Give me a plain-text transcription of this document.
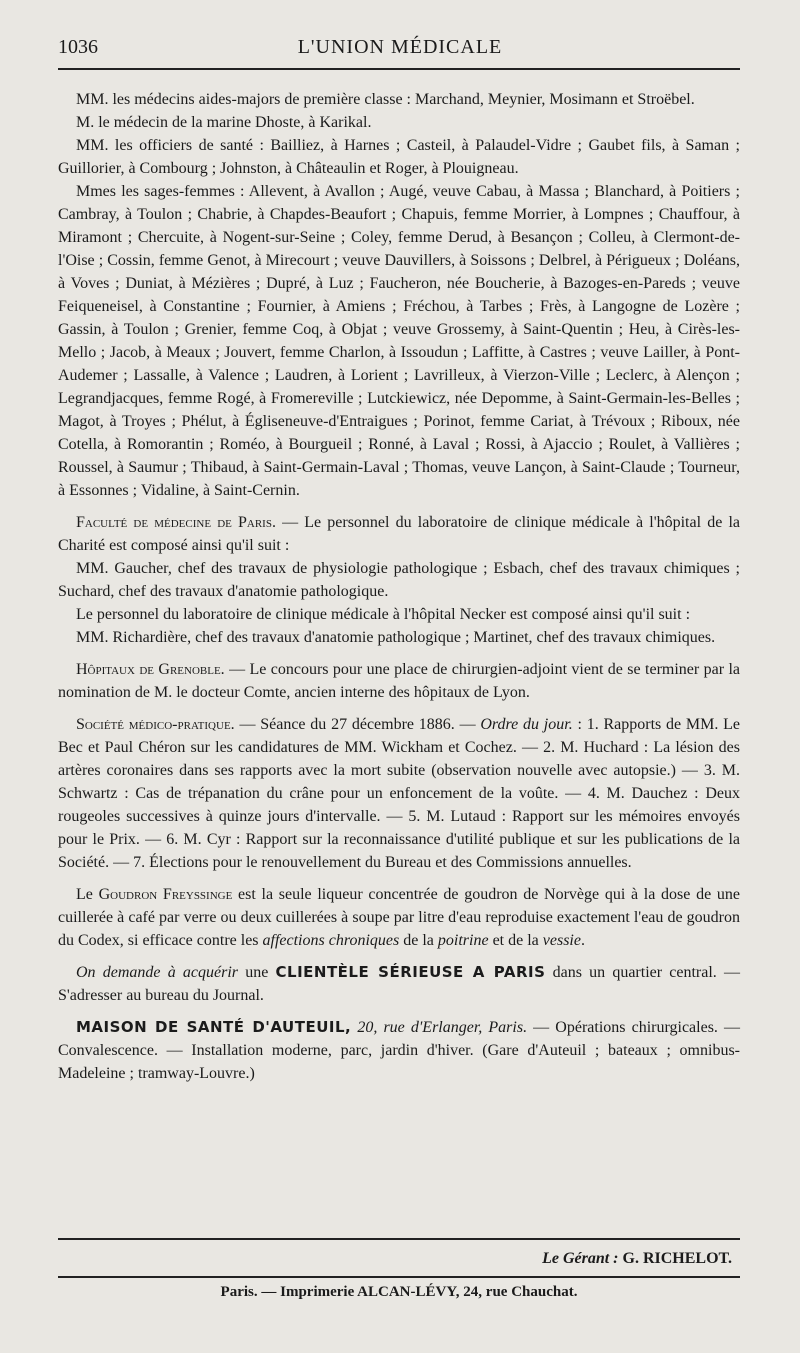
1036	L'UNION MÉDICALE

MM. les médecins aides-majors de première classe : Marchand, Meynier, Mosimann et Stroëbel.

M. le médecin de la marine Dhoste, à Karikal.

MM. les officiers de santé : Bailliez, à Harnes ; Casteil, à Palaudel-Vidre ; Gaubet fils, à Saman ; Guillorier, à Combourg ; Johnston, à Châteaulin et Roger, à Plouigneau.

Mmes les sages-femmes : Allevent, à Avallon ; Augé, veuve Cabau, à Massa ; Blanchard, à Poitiers ; Cambray, à Toulon ; Chabrie, à Chapdes-Beaufort ; Chapuis, femme Morrier, à Lompnes ; Chauffour, à Miramont ; Chercuite, à Nogent-sur-Seine ; Coley, femme Derud, à Besançon ; Colleu, à Clermont-de-l'Oise ; Cossin, femme Genot, à Mirecourt ; veuve Dauvillers, à Soissons ; Delbrel, à Périgueux ; Doléans, à Voves ; Duniat, à Mézières ; Dupré, à Luz ; Faucheron, née Boucherie, à Bazoges-en-Pareds ; veuve Feiqueneisel, à Constantine ; Fournier, à Amiens ; Fréchou, à Tarbes ; Frès, à Langogne de Lozère ; Gassin, à Toulon ; Grenier, femme Coq, à Objat ; veuve Grossemy, à Saint-Quentin ; Heu, à Cirès-les-Mello ; Jacob, à Meaux ; Jouvert, femme Charlon, à Issoudun ; Laffitte, à Castres ; veuve Lailler, à Pont-Audemer ; Lassalle, à Valence ; Laudren, à Lorient ; Lavrilleux, à Vierzon-Ville ; Leclerc, à Alençon ; Legrandjacques, femme Rogé, à Fromereville ; Lutckiewicz, née Depomme, à Saint-Germain-les-Belles ; Magot, à Troyes ; Phélut, à Égliseneuve-d'Entraigues ; Porinot, femme Cariat, à Trévoux ; Riboux, née Cotella, à Romorantin ; Roméo, à Bourgueil ; Ronné, à Laval ; Rossi, à Ajaccio ; Roulet, à Vallières ; Roussel, à Saumur ; Thibaud, à Saint-Germain-Laval ; Thomas, veuve Lançon, à Saint-Claude ; Tourneur, à Essonnes ; Vidaline, à Saint-Cernin.

Faculté de médecine de Paris. — Le personnel du laboratoire de clinique médicale à l'hôpital de la Charité est composé ainsi qu'il suit :

MM. Gaucher, chef des travaux de physiologie pathologique ; Esbach, chef des travaux chimiques ; Suchard, chef des travaux d'anatomie pathologique.

Le personnel du laboratoire de clinique médicale à l'hôpital Necker est composé ainsi qu'il suit :

MM. Richardière, chef des travaux d'anatomie pathologique ; Martinet, chef des travaux chimiques.

Hôpitaux de Grenoble. — Le concours pour une place de chirurgien-adjoint vient de se terminer par la nomination de M. le docteur Comte, ancien interne des hôpitaux de Lyon.

Société médico-pratique. — Séance du 27 décembre 1886. — Ordre du jour. : 1. Rapports de MM. Le Bec et Paul Chéron sur les candidatures de MM. Wickham et Cochez. — 2. M. Huchard : La lésion des artères coronaires dans ses rapports avec la mort subite (observation nouvelle avec autopsie.) — 3. M. Schwartz : Cas de trépanation du crâne pour un enfoncement de la voûte. — 4. M. Dauchez : Deux rougeoles successives à quinze jours d'intervalle. — 5. M. Lutaud : Rapport sur les mémoires envoyés pour le Prix. — 6. M. Cyr : Rapport sur la reconnaissance d'utilité publique et sur les publications de la Société. — 7. Élections pour le renouvellement du Bureau et des Commissions annuelles.

Le Goudron Freyssinge est la seule liqueur concentrée de goudron de Norvège qui à la dose de une cuillerée à café par verre ou deux cuillerées à soupe par litre d'eau reproduise exactement l'eau de goudron du Codex, si efficace contre les affections chroniques de la poitrine et de la vessie.

On demande à acquérir une CLIENTÈLE SÉRIEUSE A PARIS dans un quartier central. — S'adresser au bureau du Journal.

MAISON DE SANTÉ D'AUTEUIL, 20, rue d'Erlanger, Paris. — Opérations chirurgicales. — Convalescence. — Installation moderne, parc, jardin d'hiver. (Gare d'Auteuil ; bateaux ; omnibus-Madeleine ; tramway-Louvre.)

Le Gérant : G. RICHELOT.
Paris. — Imprimerie ALCAN-LÉVY, 24, rue Chauchat.
